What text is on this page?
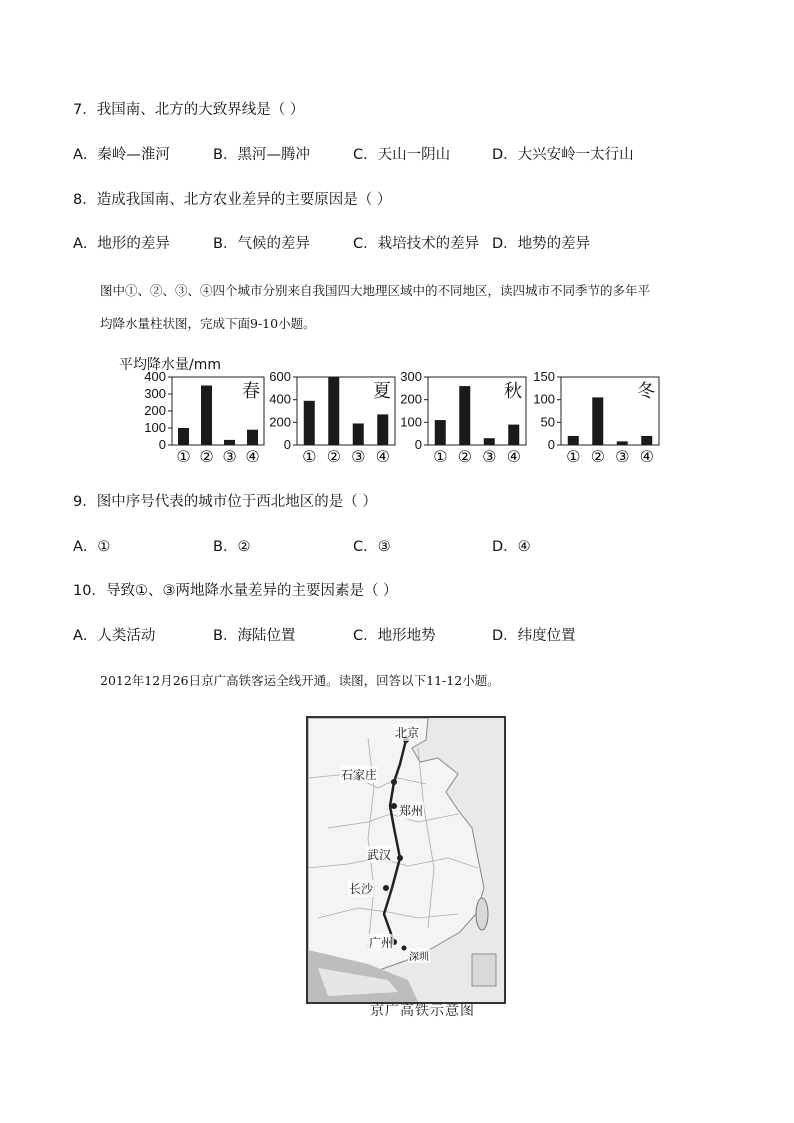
7．我国南、北方的大致界线是（ ）
A．秦岭—淮河	B．黑河—腾冲	C．天山一阴山	D．大兴安岭一太行山
8．造成我国南、北方农业差异的主要原因是（ ）
A．地形的差异	B．气候的差异	C．栽培技术的差异 D．地势的差异
图中①、②、③、④四个城市分别来自我国四大地理区域中的不同地区，读四城市不同季节的多年平
均降水量柱状图，完成下面9-10小题。
平均降水量/mm
400
300
200
100
0
春
① ② ③ ④
600
400
200
0
夏
① ② ③ ④
300
200
100
0
秋
① ② ③ ④
150
100
50
0
冬
① ② ③ ④
9．图中序号代表的城市位于西北地区的是（ ）
A．①	B．②	C．③	D．④
10．导致①、③两地降水量差异的主要因素是（ ）
A．人类活动	B．海陆位置	C．地形地势	D．纬度位置
2012年12月26日京广高铁客运全线开通。读图，回答以下11-12小题。
北京
石家庄
郑州
武汉
长沙
广州
深圳
京广高铁示意图
